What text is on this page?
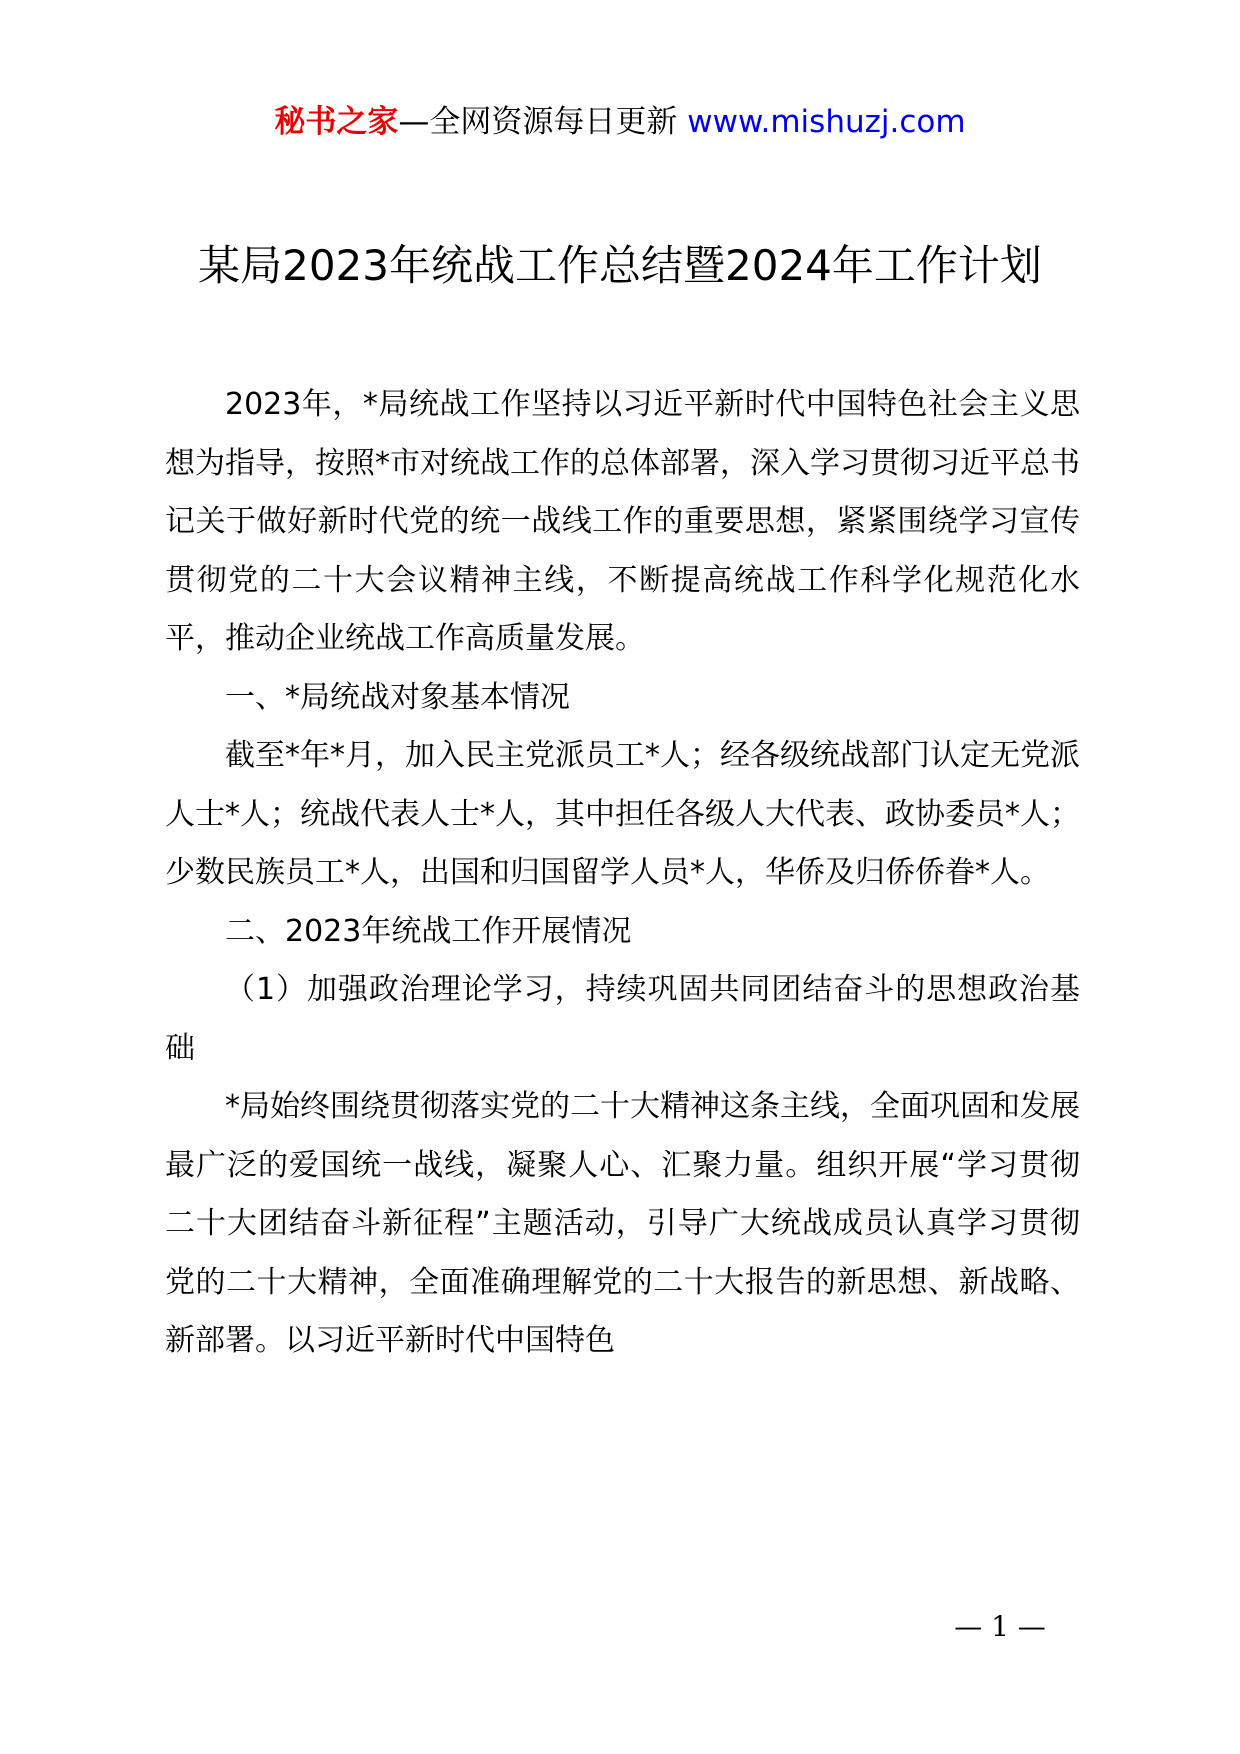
秘书之家—全网资源每日更新 www.mishuzj.com
某局2023年统战工作总结暨2024年工作计划

2023年，*局统战工作坚持以习近平新时代中国特色社会主义思想为指导，按照*市对统战工作的总体部署，深入学习贯彻习近平总书记关于做好新时代党的统一战线工作的重要思想，紧紧围绕学习宣传贯彻党的二十大会议精神主线，不断提高统战工作科学化规范化水平，推动企业统战工作高质量发展。

一、*局统战对象基本情况

截至*年*月，加入民主党派员工*人；经各级统战部门认定无党派人士*人；统战代表人士*人，其中担任各级人大代表、政协委员*人；少数民族员工*人，出国和归国留学人员*人，华侨及归侨侨眷*人。

二、2023年统战工作开展情况

（1）加强政治理论学习，持续巩固共同团结奋斗的思想政治基础

*局始终围绕贯彻落实党的二十大精神这条主线，全面巩固和发展最广泛的爱国统一战线，凝聚人心、汇聚力量。组织开展“学习贯彻二十大团结奋斗新征程”主题活动，引导广大统战成员认真学习贯彻党的二十大精神，全面准确理解党的二十大报告的新思想、新战略、新部署。以习近平新时代中国特色

— 1 —
